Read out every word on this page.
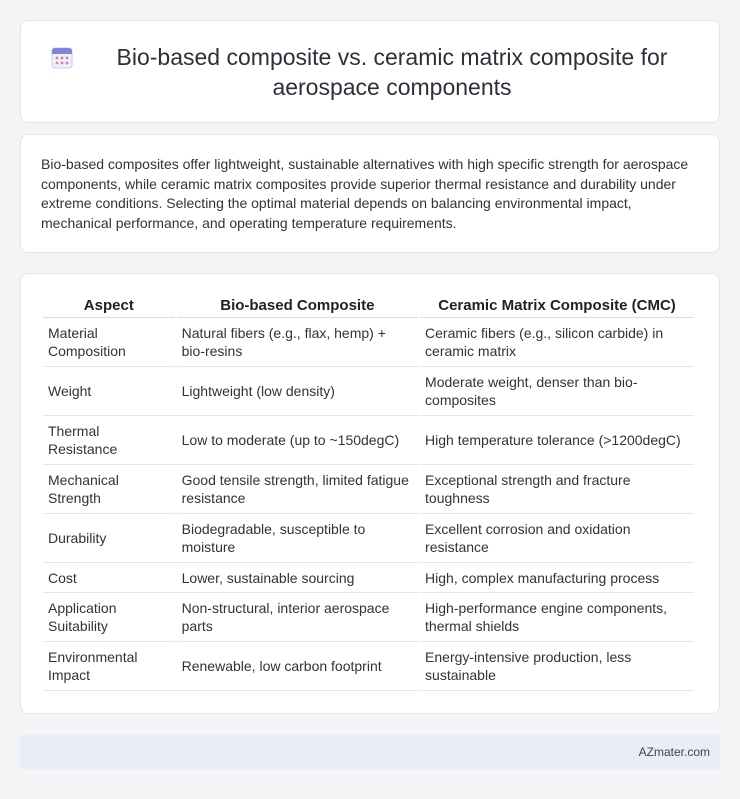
Bio-based composite vs. ceramic matrix composite for aerospace components

Bio-based composites offer lightweight, sustainable alternatives with high specific strength for aerospace components, while ceramic matrix composites provide superior thermal resistance and durability under extreme conditions. Selecting the optimal material depends on balancing environmental impact, mechanical performance, and operating temperature requirements.

Aspect	Bio-based Composite	Ceramic Matrix Composite (CMC)
Material Composition	Natural fibers (e.g., flax, hemp) + bio-resins	Ceramic fibers (e.g., silicon carbide) in ceramic matrix
Weight	Lightweight (low density)	Moderate weight, denser than bio-composites
Thermal Resistance	Low to moderate (up to ~150degC)	High temperature tolerance (>1200degC)
Mechanical Strength	Good tensile strength, limited fatigue resistance	Exceptional strength and fracture toughness
Durability	Biodegradable, susceptible to moisture	Excellent corrosion and oxidation resistance
Cost	Lower, sustainable sourcing	High, complex manufacturing process
Application Suitability	Non-structural, interior aerospace parts	High-performance engine components, thermal shields
Environmental Impact	Renewable, low carbon footprint	Energy-intensive production, less sustainable
AZmater.com
